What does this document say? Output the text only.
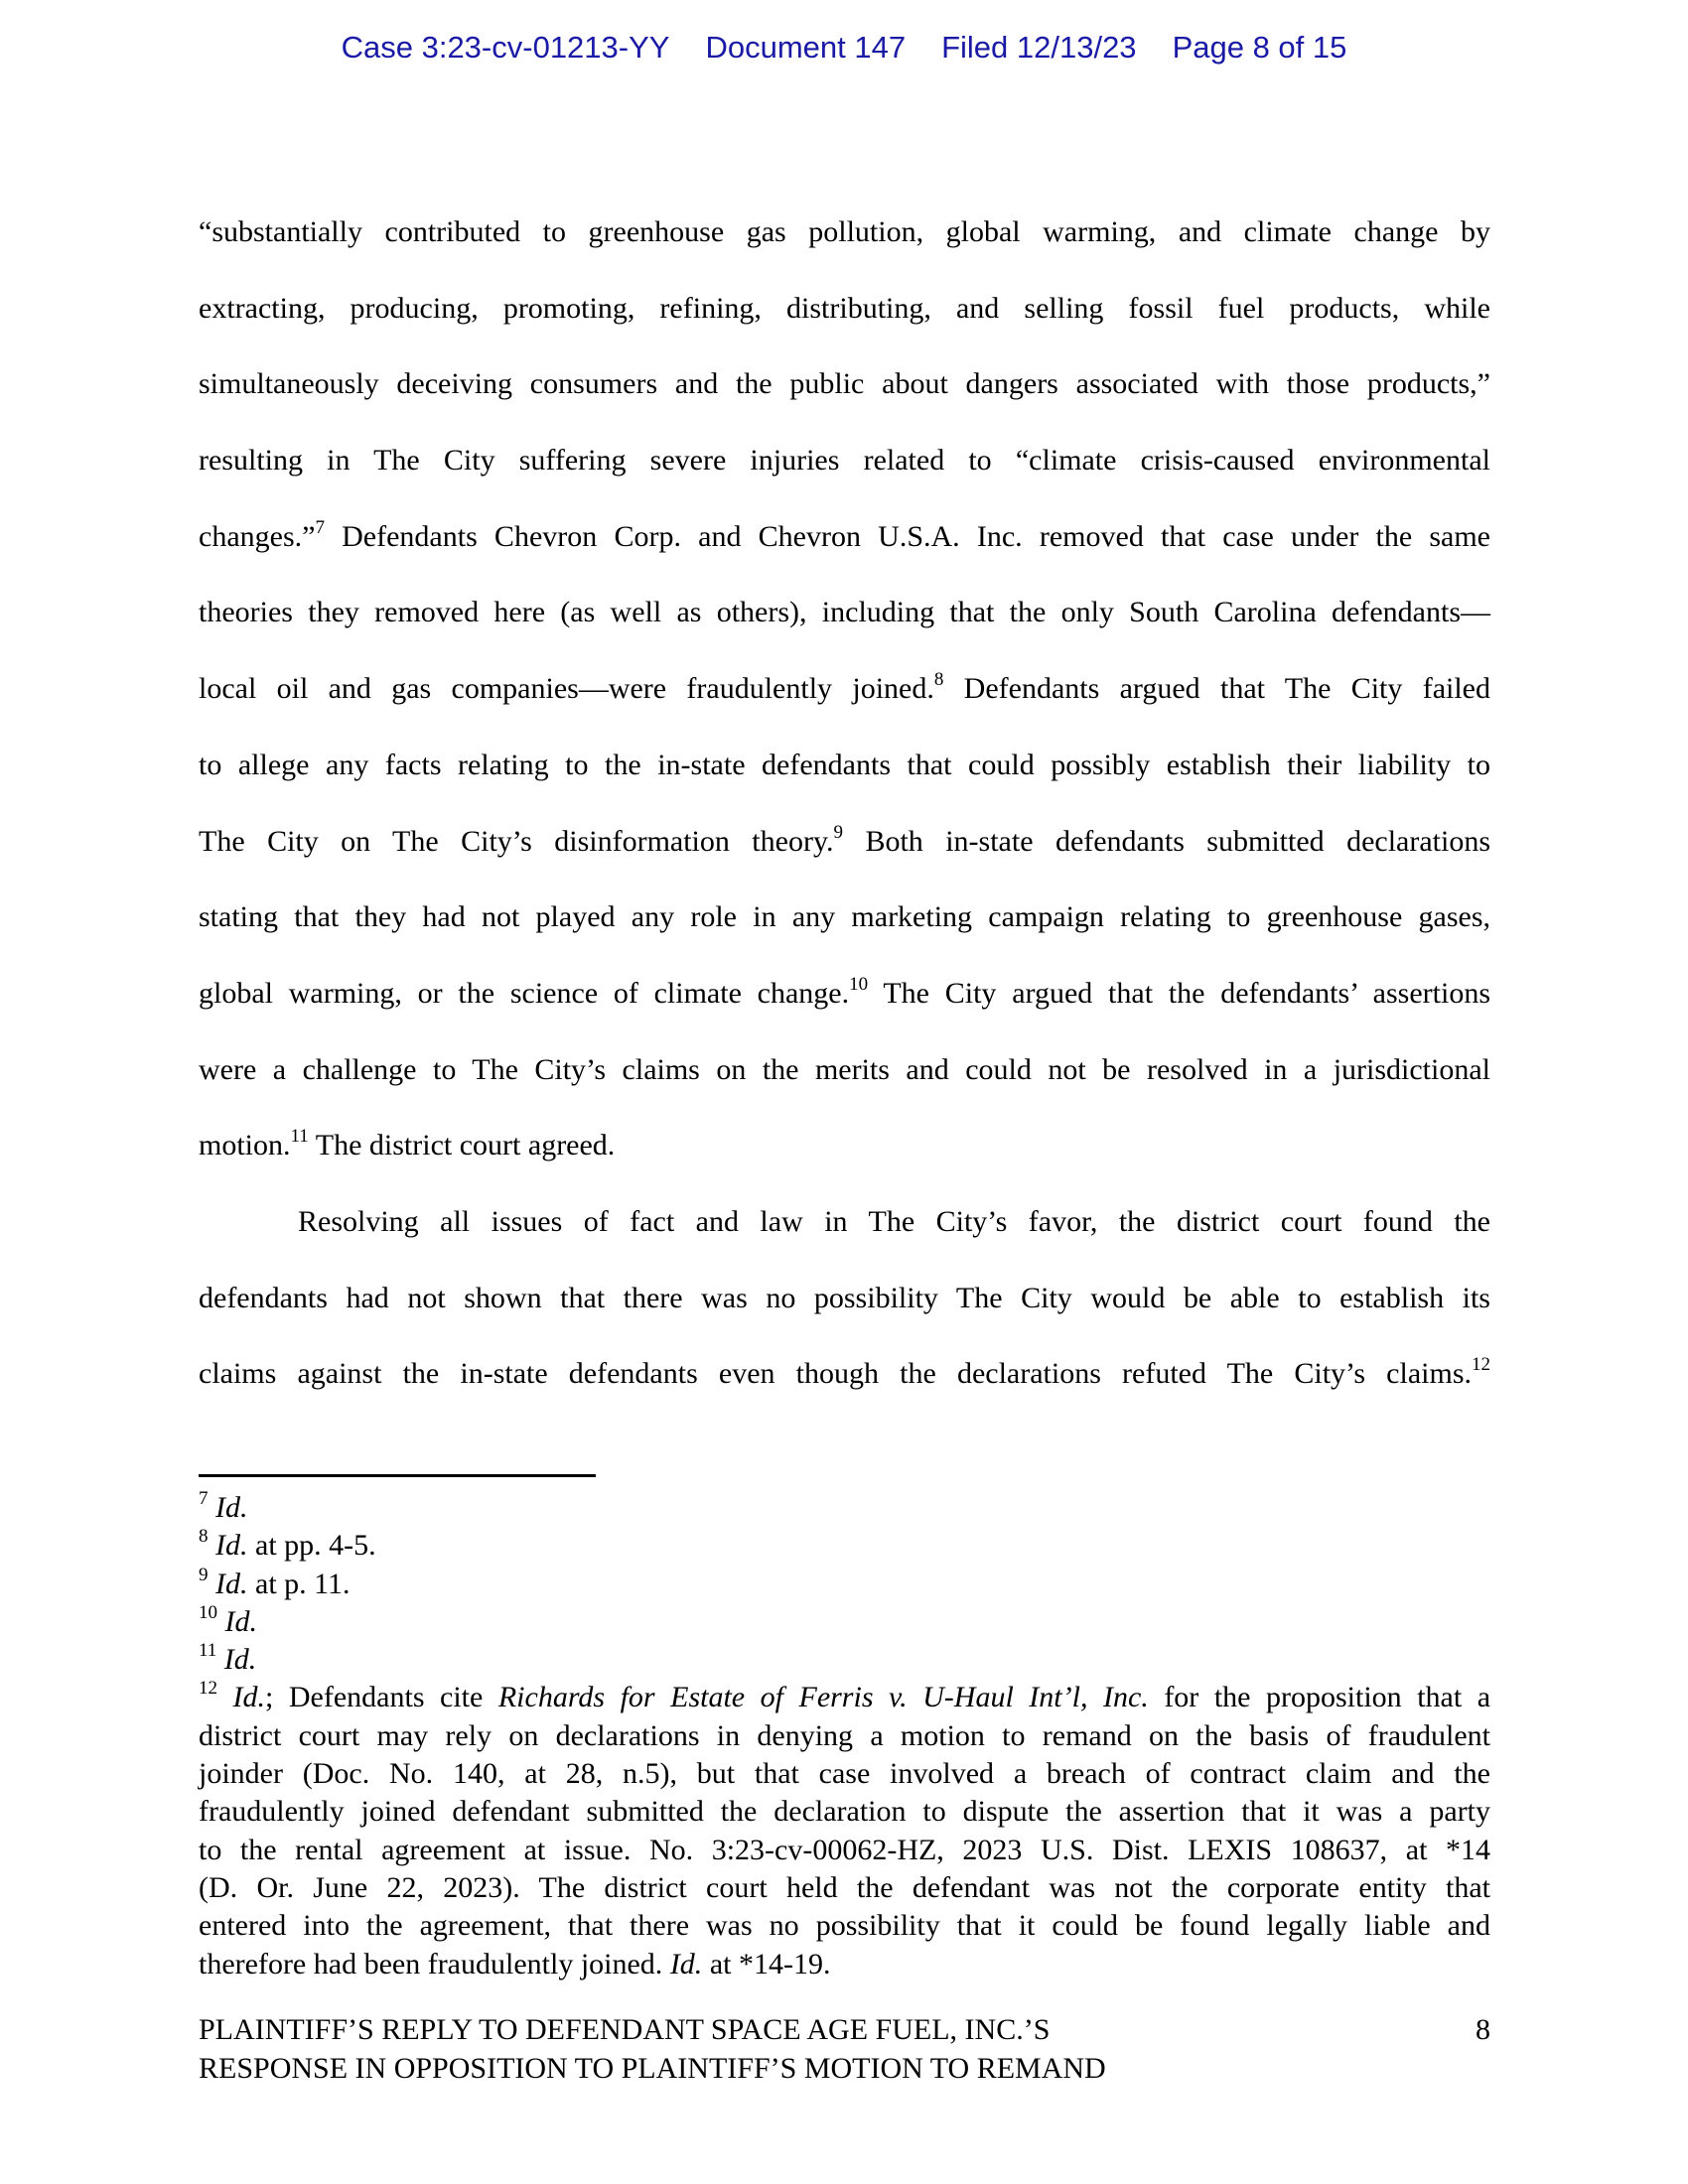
Case 3:23-cv-01213-YY Document 147 Filed 12/13/23 Page 8 of 15
“substantially contributed to greenhouse gas pollution, global warming, and climate change by
extracting, producing, promoting, refining, distributing, and selling fossil fuel products, while
simultaneously deceiving consumers and the public about dangers associated with those products,”
resulting in The City suffering severe injuries related to “climate crisis-caused environmental
changes.”$^7$ Defendants Chevron Corp. and Chevron U.S.A. Inc. removed that case under the same
theories they removed here (as well as others), including that the only South Carolina defendants—
local oil and gas companies—were fraudulently joined.$^8$ Defendants argued that The City failed
to allege any facts relating to the in-state defendants that could possibly establish their liability to
The City on The City’s disinformation theory.$^9$ Both in-state defendants submitted declarations
stating that they had not played any role in any marketing campaign relating to greenhouse gases,
global warming, or the science of climate change.$^{10}$ The City argued that the defendants’ assertions
were a challenge to The City’s claims on the merits and could not be resolved in a jurisdictional
motion.$^{11}$ The district court agreed.
Resolving all issues of fact and law in The City’s favor, the district court found the
defendants had not shown that there was no possibility The City would be able to establish its
claims against the in-state defendants even though the declarations refuted The City’s claims.$^{12}$
$^7$ Id.
$^8$ Id. at pp. 4-5.
$^9$ Id. at p. 11.
$^{10}$ Id.
$^{11}$ Id.
$^{12}$ Id.; Defendants cite Richards for Estate of Ferris v. U-Haul Int’l, Inc. for the proposition that a
district court may rely on declarations in denying a motion to remand on the basis of fraudulent
joinder (Doc. No. 140, at 28, n.5), but that case involved a breach of contract claim and the
fraudulently joined defendant submitted the declaration to dispute the assertion that it was a party
to the rental agreement at issue. No. 3:23-cv-00062-HZ, 2023 U.S. Dist. LEXIS 108637, at *14
(D. Or. June 22, 2023). The district court held the defendant was not the corporate entity that
entered into the agreement, that there was no possibility that it could be found legally liable and
therefore had been fraudulently joined. Id. at *14-19.
PLAINTIFF’S REPLY TO DEFENDANT SPACE AGE FUEL, INC.’S
RESPONSE IN OPPOSITION TO PLAINTIFF’S MOTION TO REMAND
8
